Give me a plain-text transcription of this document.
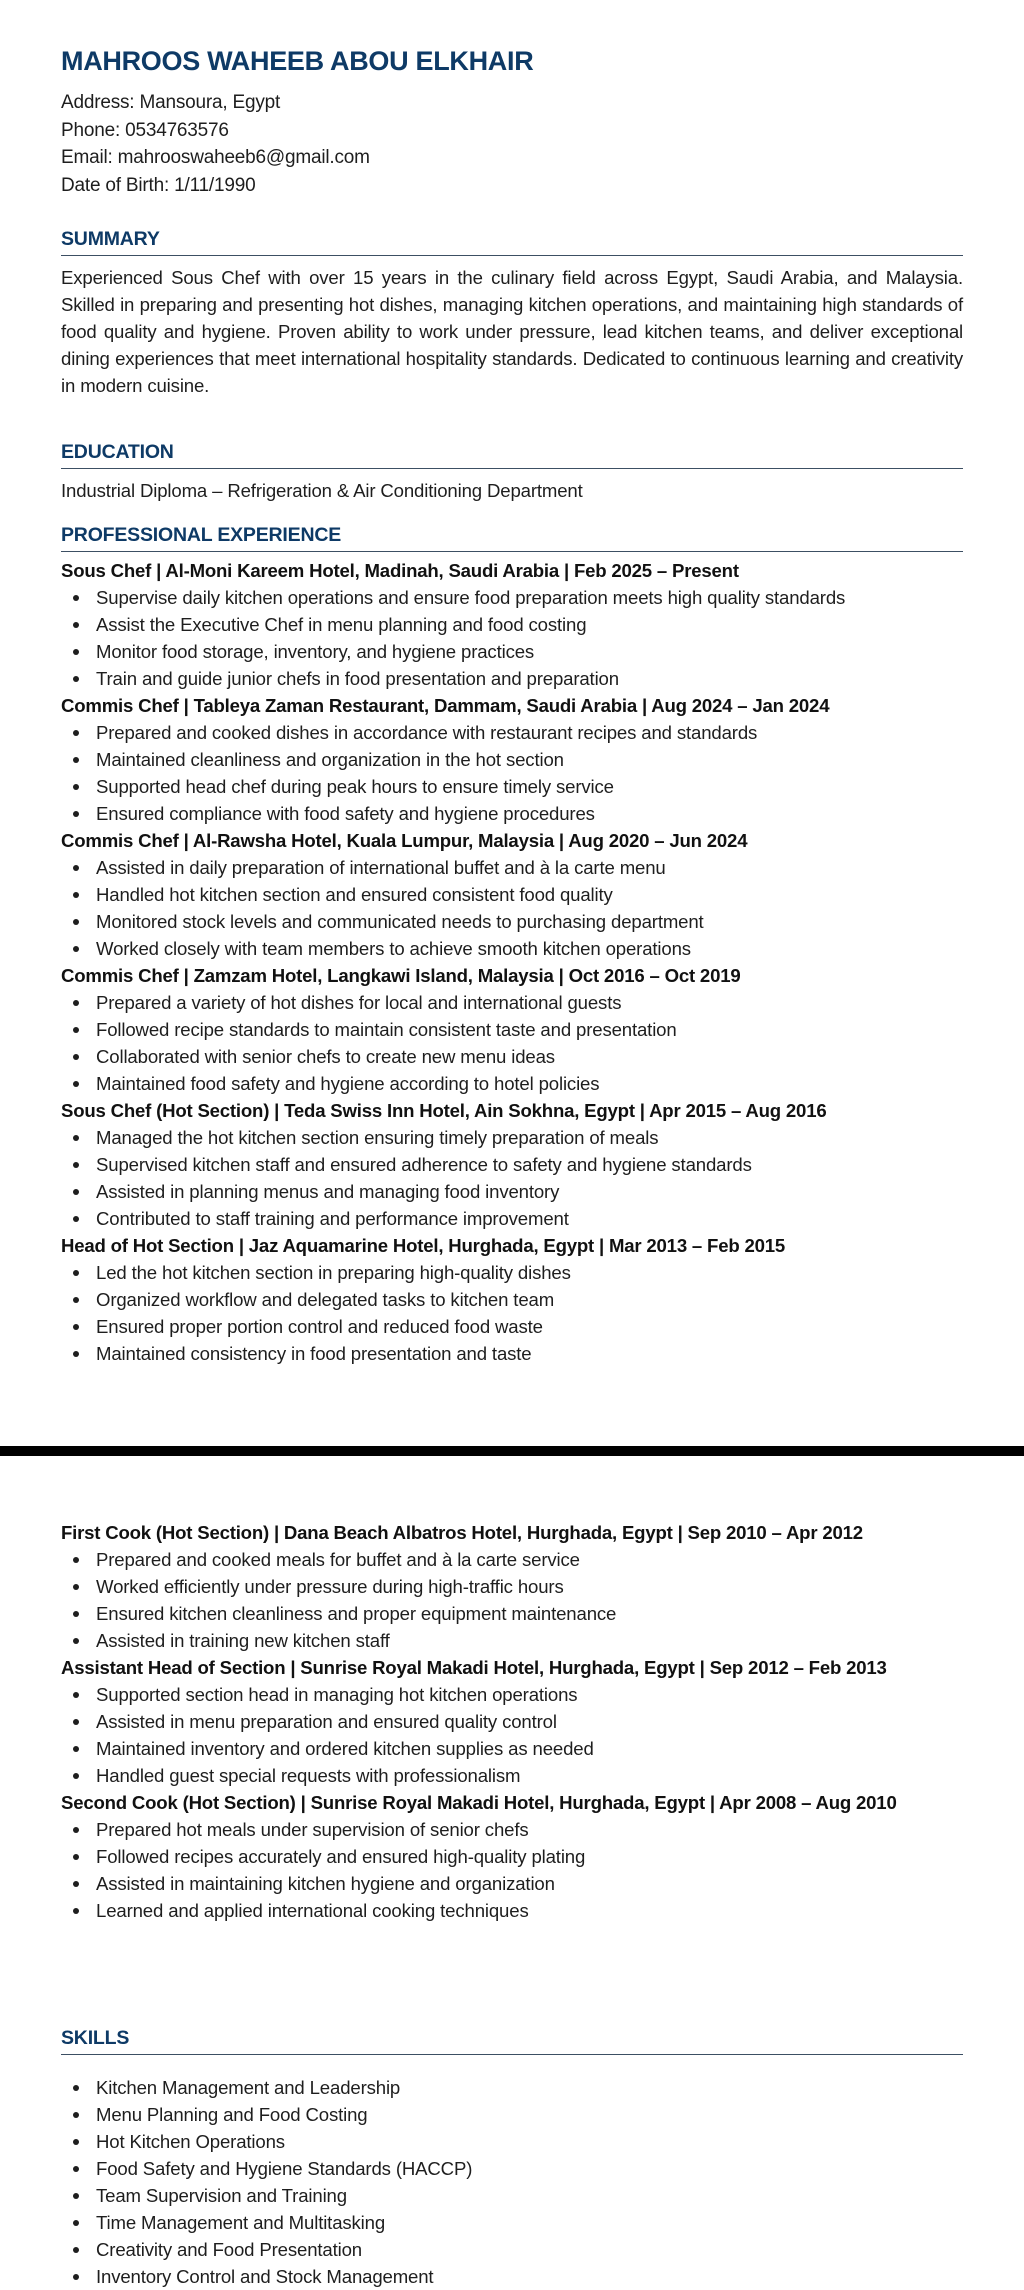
MAHROOS WAHEEB ABOU ELKHAIR
Address: Mansoura, Egypt
Phone: 0534763576
Email: mahrooswaheeb6@gmail.com
Date of Birth: 1/11/1990
SUMMARY
Experienced Sous Chef with over 15 years in the culinary field across Egypt, Saudi Arabia, and Malaysia. Skilled in preparing and presenting hot dishes, managing kitchen operations, and maintaining high standards of food quality and hygiene. Proven ability to work under pressure, lead kitchen teams, and deliver exceptional dining experiences that meet international hospitality standards. Dedicated to continuous learning and creativity in modern cuisine.
EDUCATION
Industrial Diploma – Refrigeration & Air Conditioning Department
PROFESSIONAL EXPERIENCE
Sous Chef | Al-Moni Kareem Hotel, Madinah, Saudi Arabia | Feb 2025 – Present
Supervise daily kitchen operations and ensure food preparation meets high quality standards
Assist the Executive Chef in menu planning and food costing
Monitor food storage, inventory, and hygiene practices
Train and guide junior chefs in food presentation and preparation
Commis Chef | Tableya Zaman Restaurant, Dammam, Saudi Arabia | Aug 2024 – Jan 2024
Prepared and cooked dishes in accordance with restaurant recipes and standards
Maintained cleanliness and organization in the hot section
Supported head chef during peak hours to ensure timely service
Ensured compliance with food safety and hygiene procedures
Commis Chef | Al-Rawsha Hotel, Kuala Lumpur, Malaysia | Aug 2020 – Jun 2024
Assisted in daily preparation of international buffet and à la carte menu
Handled hot kitchen section and ensured consistent food quality
Monitored stock levels and communicated needs to purchasing department
Worked closely with team members to achieve smooth kitchen operations
Commis Chef | Zamzam Hotel, Langkawi Island, Malaysia | Oct 2016 – Oct 2019
Prepared a variety of hot dishes for local and international guests
Followed recipe standards to maintain consistent taste and presentation
Collaborated with senior chefs to create new menu ideas
Maintained food safety and hygiene according to hotel policies
Sous Chef (Hot Section) | Teda Swiss Inn Hotel, Ain Sokhna, Egypt | Apr 2015 – Aug 2016
Managed the hot kitchen section ensuring timely preparation of meals
Supervised kitchen staff and ensured adherence to safety and hygiene standards
Assisted in planning menus and managing food inventory
Contributed to staff training and performance improvement
Head of Hot Section | Jaz Aquamarine Hotel, Hurghada, Egypt | Mar 2013 – Feb 2015
Led the hot kitchen section in preparing high-quality dishes
Organized workflow and delegated tasks to kitchen team
Ensured proper portion control and reduced food waste
Maintained consistency in food presentation and taste
First Cook (Hot Section) | Dana Beach Albatros Hotel, Hurghada, Egypt | Sep 2010 – Apr 2012
Prepared and cooked meals for buffet and à la carte service
Worked efficiently under pressure during high-traffic hours
Ensured kitchen cleanliness and proper equipment maintenance
Assisted in training new kitchen staff
Assistant Head of Section | Sunrise Royal Makadi Hotel, Hurghada, Egypt | Sep 2012 – Feb 2013
Supported section head in managing hot kitchen operations
Assisted in menu preparation and ensured quality control
Maintained inventory and ordered kitchen supplies as needed
Handled guest special requests with professionalism
Second Cook (Hot Section) | Sunrise Royal Makadi Hotel, Hurghada, Egypt | Apr 2008 – Aug 2010
Prepared hot meals under supervision of senior chefs
Followed recipes accurately and ensured high-quality plating
Assisted in maintaining kitchen hygiene and organization
Learned and applied international cooking techniques
SKILLS
Kitchen Management and Leadership
Menu Planning and Food Costing
Hot Kitchen Operations
Food Safety and Hygiene Standards (HACCP)
Team Supervision and Training
Time Management and Multitasking
Creativity and Food Presentation
Inventory Control and Stock Management
